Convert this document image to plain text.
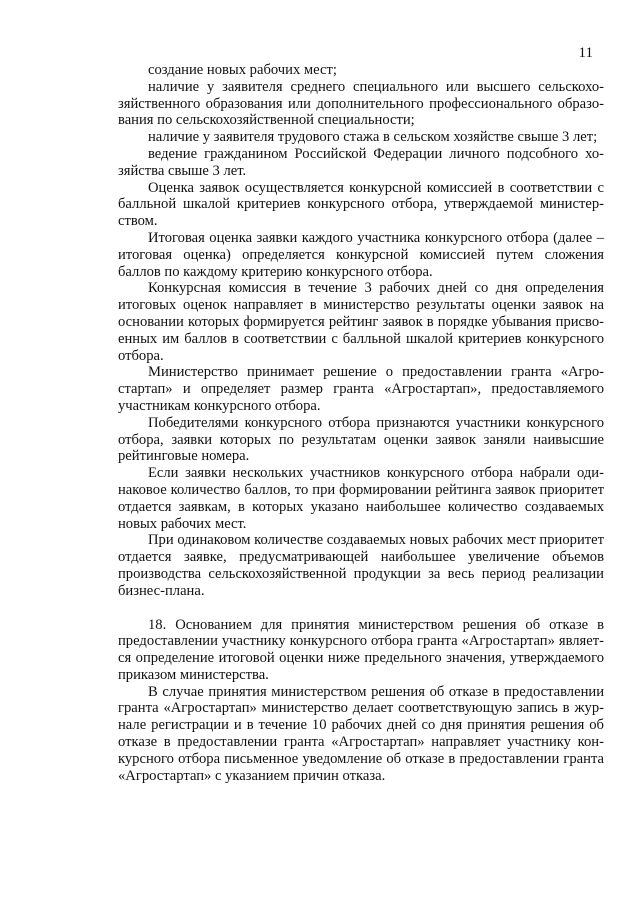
11

создание новых рабочих мест;

наличие у заявителя среднего специального или высшего сельскохозяйственного образования или дополнительного профессионального образования по сельскохозяйственной специальности;

наличие у заявителя трудового стажа в сельском хозяйстве свыше 3 лет;

ведение гражданином Российской Федерации личного подсобного хозяйства свыше 3 лет.

Оценка заявок осуществляется конкурсной комиссией в соответствии с балльной шкалой критериев конкурсного отбора, утверждаемой министерством.

Итоговая оценка заявки каждого участника конкурсного отбора (далее – итоговая оценка) определяется конкурсной комиссией путем сложения баллов по каждому критерию конкурсного отбора.

Конкурсная комиссия в течение 3 рабочих дней со дня определения итоговых оценок направляет в министерство результаты оценки заявок на основании которых формируется рейтинг заявок в порядке убывания присвоенных им баллов в соответствии с балльной шкалой критериев конкурсного отбора.

Министерство принимает решение о предоставлении гранта «Агростартап» и определяет размер гранта «Агростартап», предоставляемого участникам конкурсного отбора.

Победителями конкурсного отбора признаются участники конкурсного отбора, заявки которых по результатам оценки заявок заняли наивысшие рейтинговые номера.

Если заявки нескольких участников конкурсного отбора набрали одинаковое количество баллов, то при формировании рейтинга заявок приоритет отдается заявкам, в которых указано наибольшее количество создаваемых новых рабочих мест.

При одинаковом количестве создаваемых новых рабочих мест приоритет отдается заявке, предусматривающей наибольшее увеличение объемов производства сельскохозяйственной продукции за весь период реализации бизнес-плана.

18. Основанием для принятия министерством решения об отказе в предоставлении участнику конкурсного отбора гранта «Агростартап» является определение итоговой оценки ниже предельного значения, утверждаемого приказом министерства.

В случае принятия министерством решения об отказе в предоставлении гранта «Агростартап» министерство делает соответствующую запись в журнале регистрации и в течение 10 рабочих дней со дня принятия решения об отказе в предоставлении гранта «Агростартап» направляет участнику конкурсного отбора письменное уведомление об отказе в предоставлении гранта «Агростартап» с указанием причин отказа.
